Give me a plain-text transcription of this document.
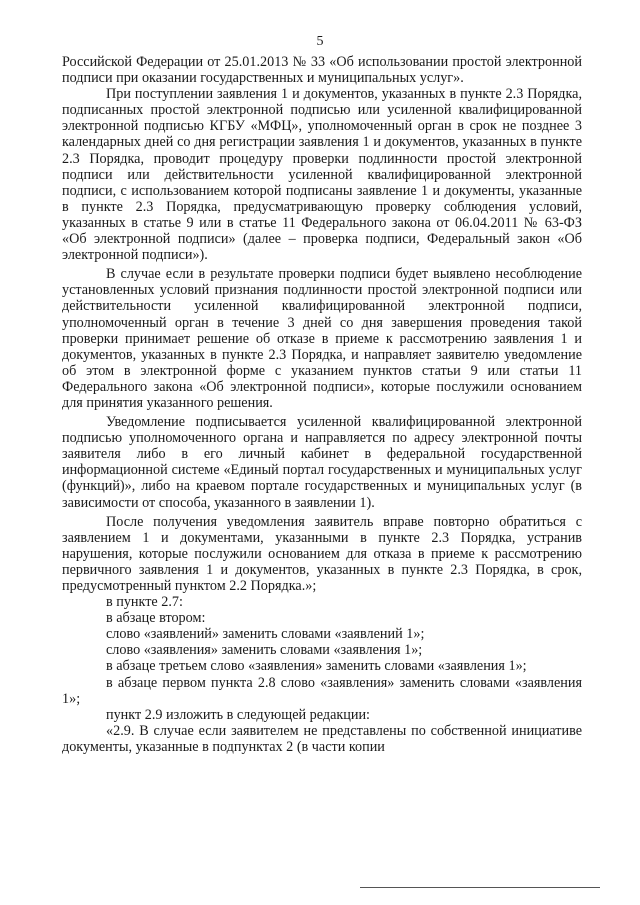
5

Российской Федерации от 25.01.2013 № 33 «Об использовании простой электронной подписи при оказании государственных и муниципальных услуг».

При поступлении заявления 1 и документов, указанных в пункте 2.3 Порядка, подписанных простой электронной подписью или усиленной квалифицированной электронной подписью КГБУ «МФЦ», уполномоченный орган в срок не позднее 3 календарных дней со дня регистрации заявления 1 и документов, указанных в пункте 2.3 Порядка, проводит процедуру проверки подлинности простой электронной подписи или действительности усиленной квалифицированной электронной подписи, с использованием которой подписаны заявление 1 и документы, указанные в пункте 2.3 Порядка, предусматривающую проверку соблюдения условий, указанных в статье 9 или в статье 11 Федерального закона от 06.04.2011 № 63-ФЗ «Об электронной подписи» (далее – проверка подписи, Федеральный закон «Об электронной подписи»).

В случае если в результате проверки подписи будет выявлено несоблюдение установленных условий признания подлинности простой электронной подписи или действительности усиленной квалифицированной электронной подписи, уполномоченный орган в течение 3 дней со дня завершения проведения такой проверки принимает решение об отказе в приеме к рассмотрению заявления 1 и документов, указанных в пункте 2.3 Порядка, и направляет заявителю уведомление об этом в электронной форме с указанием пунктов статьи 9 или статьи 11 Федерального закона «Об электронной подписи», которые послужили основанием для принятия указанного решения.

Уведомление подписывается усиленной квалифицированной электронной подписью уполномоченного органа и направляется по адресу электронной почты заявителя либо в его личный кабинет в федеральной государственной информационной системе «Единый портал государственных и муниципальных услуг (функций)», либо на краевом портале государственных и муниципальных услуг (в зависимости от способа, указанного в заявлении 1).

После получения уведомления заявитель вправе повторно обратиться с заявлением 1 и документами, указанными в пункте 2.3 Порядка, устранив нарушения, которые послужили основанием для отказа в приеме к рассмотрению первичного заявления 1 и документов, указанных в пункте 2.3 Порядка, в срок, предусмотренный пунктом 2.2 Порядка.»;

в пункте 2.7:

в абзаце втором:

слово «заявлений» заменить словами «заявлений 1»;

слово «заявления» заменить словами «заявления 1»;

в абзаце третьем слово «заявления» заменить словами «заявления 1»;

в абзаце первом пункта 2.8 слово «заявления» заменить словами «заявления 1»;

пункт 2.9 изложить в следующей редакции:

«2.9. В случае если заявителем не представлены по собственной инициативе документы, указанные в подпунктах 2 (в части копии
